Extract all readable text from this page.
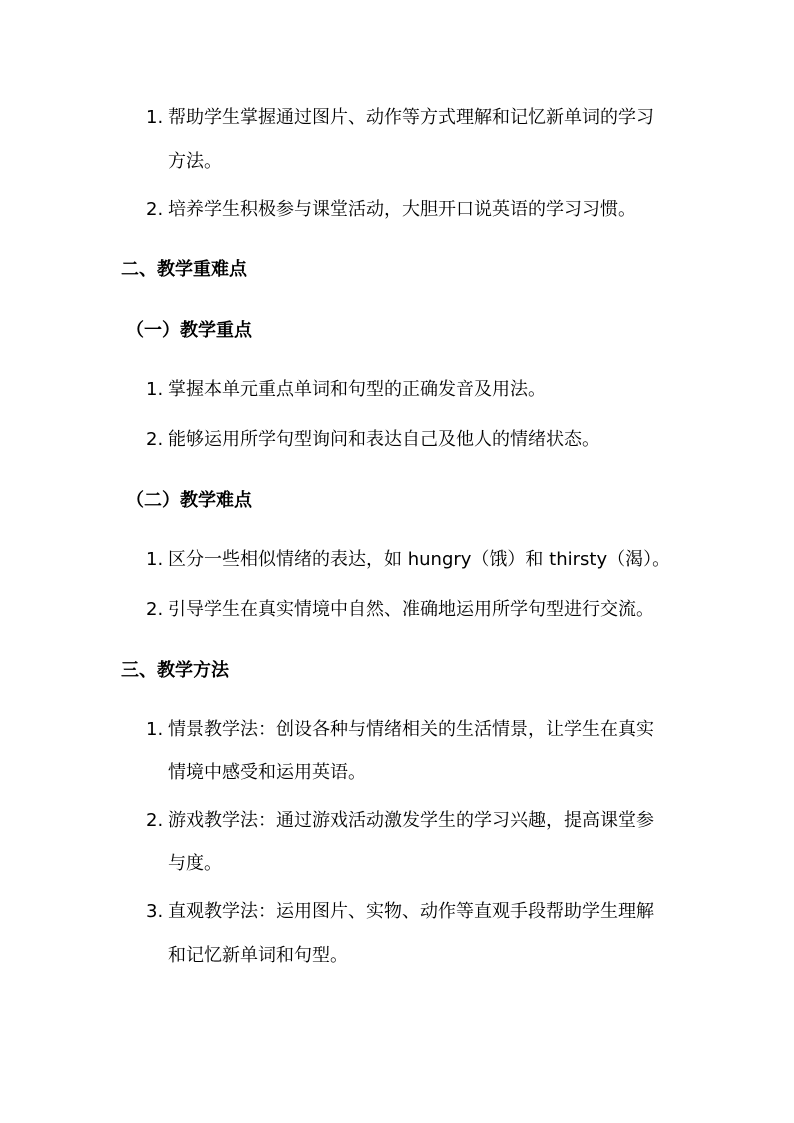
1. 帮助学生掌握通过图片、动作等方式理解和记忆新单词的学习
方法。
2. 培养学生积极参与课堂活动，大胆开口说英语的学习习惯。
二、教学重难点
（一）教学重点
1. 掌握本单元重点单词和句型的正确发音及用法。
2. 能够运用所学句型询问和表达自己及他人的情绪状态。
（二）教学难点
1. 区分一些相似情绪的表达，如 hungry（饿）和 thirsty（渴）。
2. 引导学生在真实情境中自然、准确地运用所学句型进行交流。
三、教学方法
1. 情景教学法：创设各种与情绪相关的生活情景，让学生在真实
情境中感受和运用英语。
2. 游戏教学法：通过游戏活动激发学生的学习兴趣，提高课堂参
与度。
3. 直观教学法：运用图片、实物、动作等直观手段帮助学生理解
和记忆新单词和句型。
